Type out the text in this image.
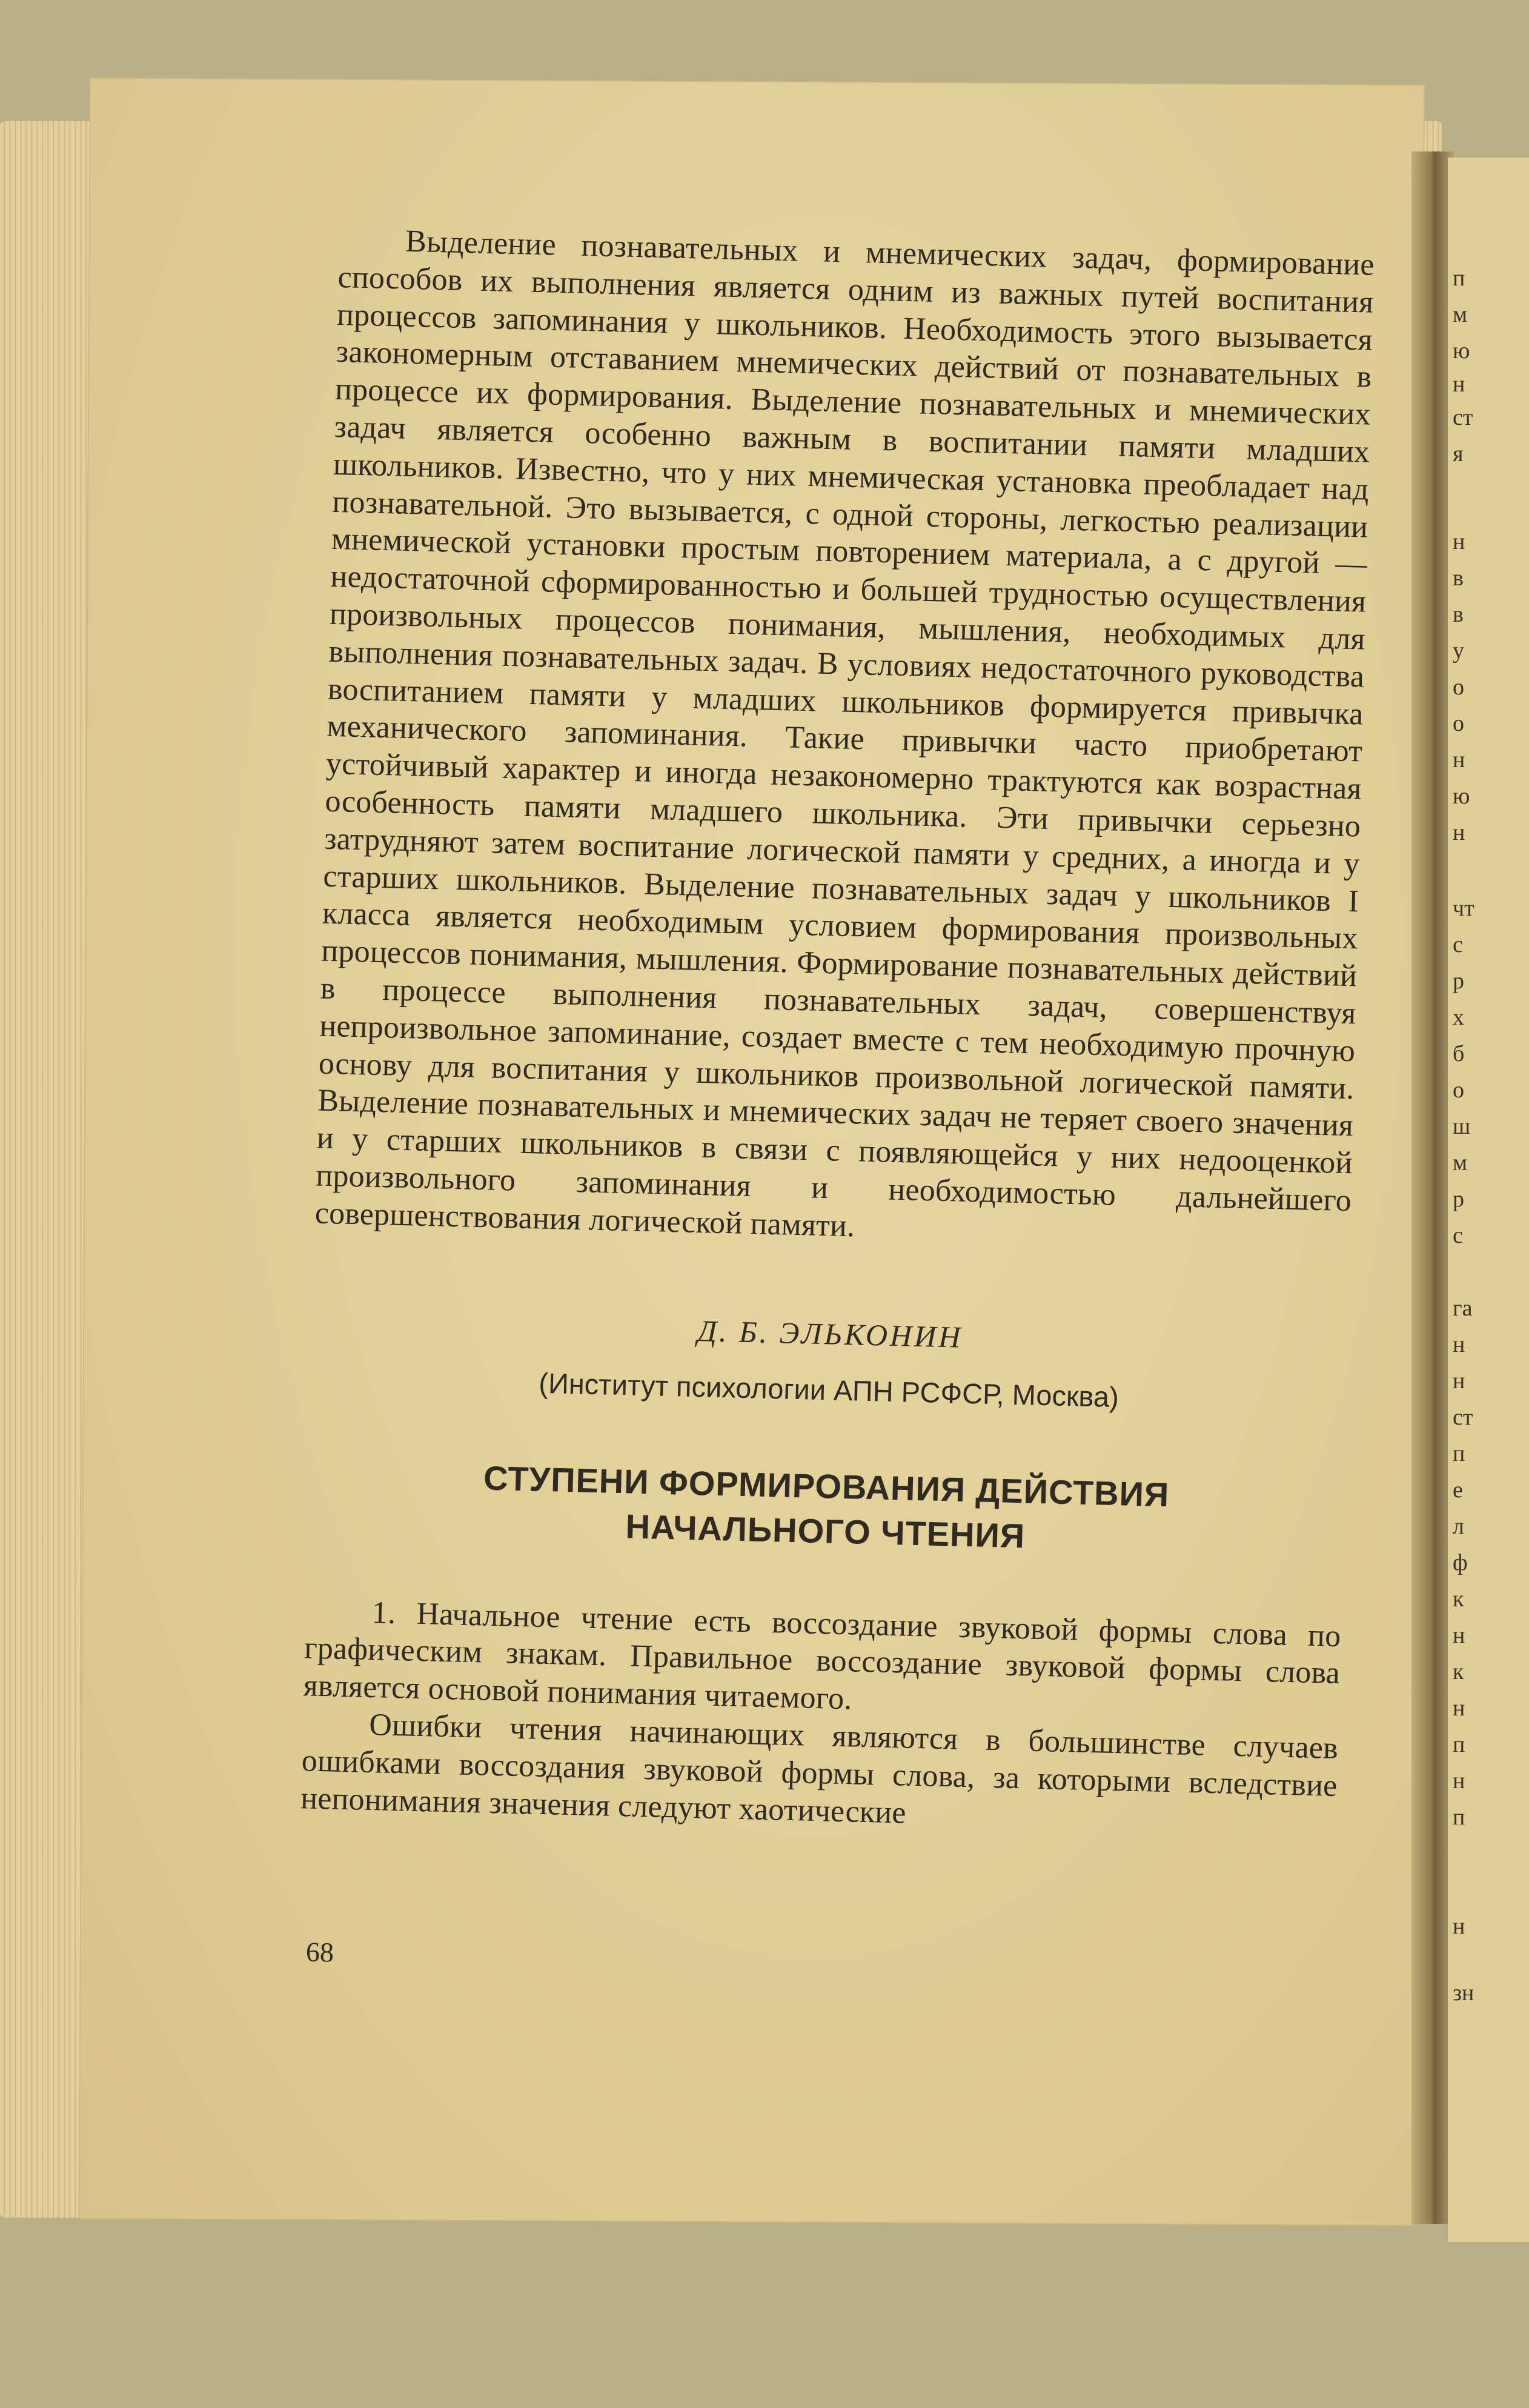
п
м
ю
н
ст
я
н
в
в
у
о
о
н
ю
н
чт
с
р
х
б
о
ш
м
р
с
га
н
н
ст
п
е
л
ф
к
н
к
н
п
н
п
н
зн

Выделение познавательных и мнемических задач, формирование способов их выполнения является одним из важных путей воспитания процессов запоминания у школьников. Необходимость этого вызывается закономерным отставанием мнемических действий от познавательных в процессе их формирования. Выделение познавательных и мнемических задач является особенно важным в воспитании памяти младших школьников. Известно, что у них мнемическая установка преобладает над познавательной. Это вызывается, с одной стороны, легкостью реализации мнемической установки простым повторением материала, а с другой — недостаточной сформированностью и большей трудностью осуществления произвольных процессов понимания, мышления, необходимых для выполнения познавательных задач. В условиях недостаточного руководства воспитанием памяти у младших школьников формируется привычка механического запоминания. Такие привычки часто приобретают устойчивый характер и иногда незакономерно трактуются как возрастная особенность памяти младшего школьника. Эти привычки серьезно затрудняют затем воспитание логической памяти у средних, а иногда и у старших школьников. Выделение познавательных задач у школьников I класса является необходимым условием формирования произвольных процессов понимания, мышления. Формирование познавательных действий в процессе выполнения познавательных задач, совершенствуя непроизвольное запоминание, создает вместе с тем необходимую прочную основу для воспитания у школьников произвольной логической памяти. Выделение познавательных и мнемических задач не теряет своего значения и у старших школьников в связи с появляющейся у них недооценкой произвольного запоминания и необходимостью дальнейшего совершенствования логической памяти.

Д. Б. ЭЛЬКОНИН
(Институт психологии АПН РСФСР, Москва)
СТУПЕНИ ФОРМИРОВАНИЯ ДЕЙСТВИЯ
НАЧАЛЬНОГО ЧТЕНИЯ

1. Начальное чтение есть воссоздание звуковой формы слова по графическим знакам. Правильное воссоздание звуковой формы слова является основой понимания читаемого.

Ошибки чтения начинающих являются в большинстве случаев ошибками воссоздания звуковой формы слова, за которыми вследствие непонимания значения следуют хаотические

68
